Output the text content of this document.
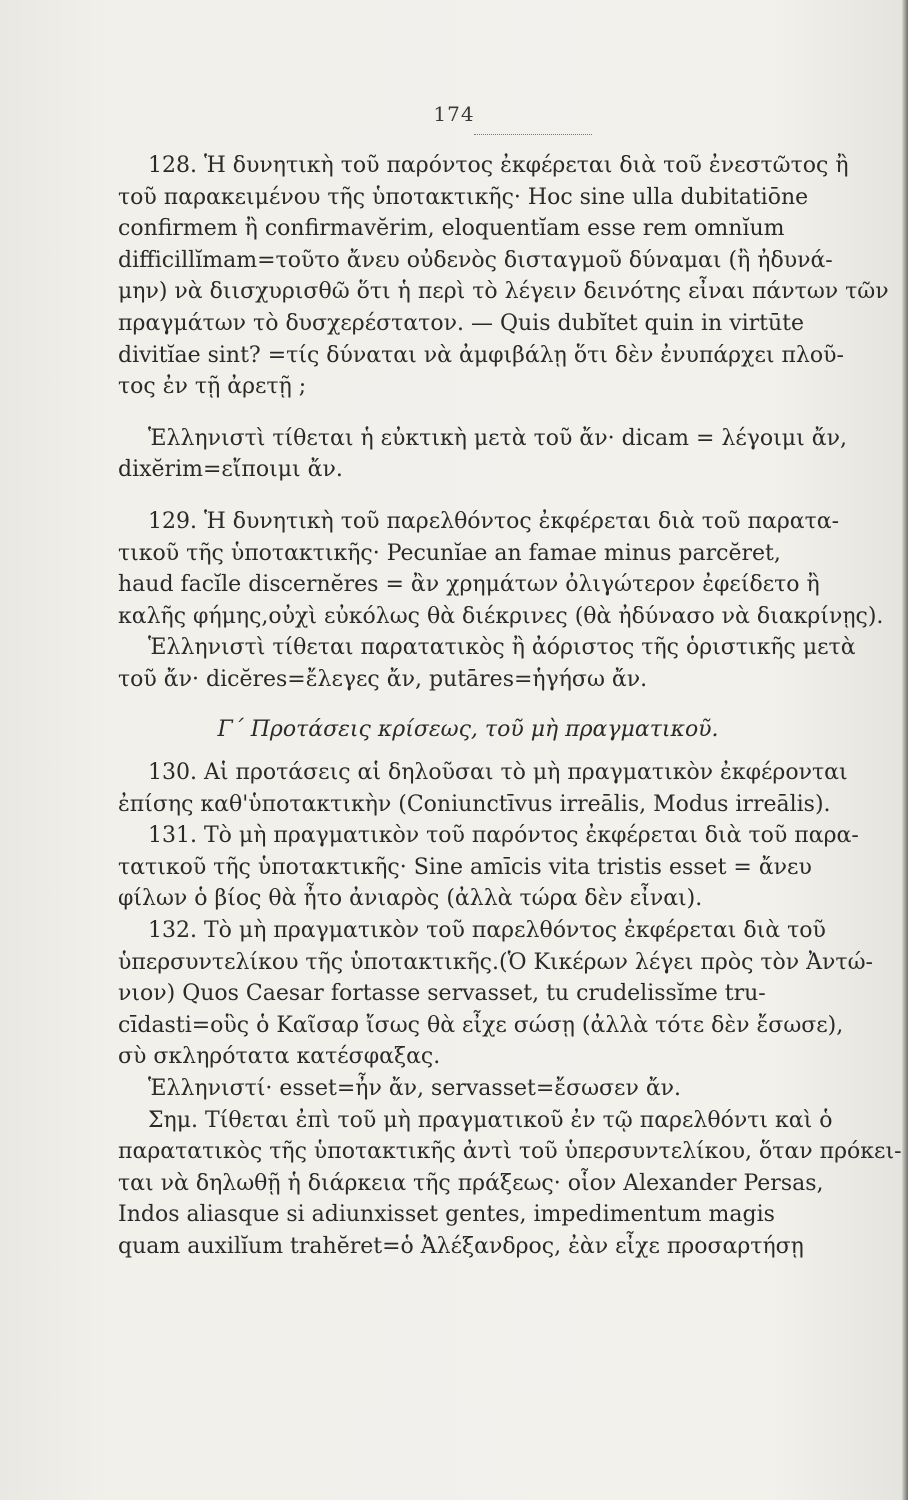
174

128. Ἡ δυνητικὴ τοῦ παρόντος ἐκφέρεται διὰ τοῦ ἐνεστῶτος ἢ
τοῦ παρακειμένου τῆς ὑποτακτικῆς· Hoc sine ulla dubitatiōne
confirmem ἢ confirmavĕrim, eloquentĭam esse rem omnĭum
difficillĭmam=τοῦτο ἄνευ οὐδενὸς δισταγμοῦ δύναμαι (ἢ ἠδυνά-
μην) νὰ διισχυρισθῶ ὅτι ἡ περὶ τὸ λέγειν δεινότης εἶναι πάντων τῶν
πραγμάτων τὸ δυσχερέστατον. — Quis dubĭtet quin in virtūte
divitĭae sint? =τίς δύναται νὰ ἀμφιβάλῃ ὅτι δὲν ἐνυπάρχει πλοῦ-
τος ἐν τῇ ἀρετῇ ;

Ἑλληνιστὶ τίθεται ἡ εὐκτικὴ μετὰ τοῦ ἄν· dicam = λέγοιμι ἄν,
dixĕrim=εἴποιμι ἄν.

129. Ἡ δυνητικὴ τοῦ παρελθόντος ἐκφέρεται διὰ τοῦ παρατα-
τικοῦ τῆς ὑποτακτικῆς· Pecunĭae an famae minus parcĕret,
haud facĭle discernĕres = ἂν χρημάτων ὀλιγώτερον ἐφείδετο ἢ
καλῆς φήμης,οὐχὶ εὐκόλως θὰ διέκρινες (θὰ ἠδύνασο νὰ διακρίνῃς).
Ἑλληνιστὶ τίθεται παρατατικὸς ἢ ἀόριστος τῆς ὁριστικῆς μετὰ
τοῦ ἄν· dicĕres=ἔλεγες ἄν, putāres=ἡγήσω ἄν.

Γ΄ Προτάσεις κρίσεως, τοῦ μὴ πραγματικοῦ.

130. Αἱ προτάσεις αἱ δηλοῦσαι τὸ μὴ πραγματικὸν ἐκφέρονται
ἐπίσης καθ'ὑποτακτικὴν (Coniunctīvus irreālis, Modus irreālis).
131. Τὸ μὴ πραγματικὸν τοῦ παρόντος ἐκφέρεται διὰ τοῦ παρα-
τατικοῦ τῆς ὑποτακτικῆς· Sine amīcis vita tristis esset = ἄνευ
φίλων ὁ βίος θὰ ἦτο ἀνιαρὸς (ἀλλὰ τώρα δὲν εἶναι).
132. Τὸ μὴ πραγματικὸν τοῦ παρελθόντος ἐκφέρεται διὰ τοῦ
ὑπερσυντελίκου τῆς ὑποτακτικῆς.(Ὁ Κικέρων λέγει πρὸς τὸν Ἀντώ-
νιον) Quos Caesar fortasse servasset, tu crudelissĭme tru-
cīdasti=οὓς ὁ Καῖσαρ ἴσως θὰ εἶχε σώσῃ (ἀλλὰ τότε δὲν ἔσωσε),
σὺ σκληρότατα κατέσφαξας.
Ἑλληνιστί· esset=ἦν ἄν, servasset=ἔσωσεν ἄν.

Σημ. Τίθεται ἐπὶ τοῦ μὴ πραγματικοῦ ἐν τῷ παρελθόντι καὶ ὁ
παρατατικὸς τῆς ὑποτακτικῆς ἀντὶ τοῦ ὑπερσυντελίκου, ὅταν πρόκει-
ται νὰ δηλωθῇ ἡ διάρκεια τῆς πράξεως· οἷον Alexander Persas,
Indos aliasque si adiunxisset gentes, impedimentum magis
quam auxilĭum trahĕret=ὁ Ἀλέξανδρος, ἐὰν εἶχε προσαρτήσῃ
